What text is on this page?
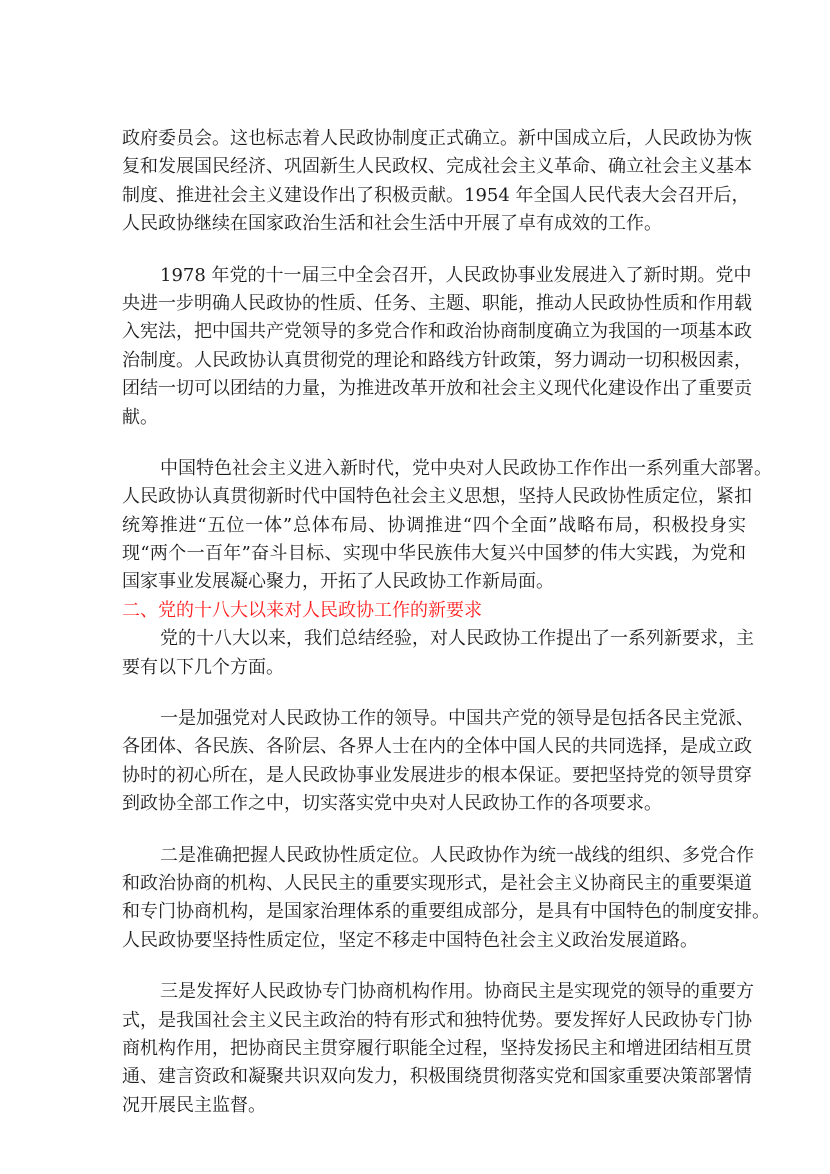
政府委员会。这也标志着人民政协制度正式确立。新中国成立后，人民政协为恢
复和发展国民经济、巩固新生人民政权、完成社会主义革命、确立社会主义基本
制度、推进社会主义建设作出了积极贡献。1954 年全国人民代表大会召开后，
人民政协继续在国家政治生活和社会生活中开展了卓有成效的工作。
1978 年党的十一届三中全会召开，人民政协事业发展进入了新时期。党中
央进一步明确人民政协的性质、任务、主题、职能，推动人民政协性质和作用载
入宪法，把中国共产党领导的多党合作和政治协商制度确立为我国的一项基本政
治制度。人民政协认真贯彻党的理论和路线方针政策，努力调动一切积极因素，
团结一切可以团结的力量，为推进改革开放和社会主义现代化建设作出了重要贡
献。
中国特色社会主义进入新时代，党中央对人民政协工作作出一系列重大部署。
人民政协认真贯彻新时代中国特色社会主义思想，坚持人民政协性质定位，紧扣
统筹推进“五位一体”总体布局、协调推进“四个全面”战略布局，积极投身实
现“两个一百年”奋斗目标、实现中华民族伟大复兴中国梦的伟大实践，为党和
国家事业发展凝心聚力，开拓了人民政协工作新局面。
二、党的十八大以来对人民政协工作的新要求
党的十八大以来，我们总结经验，对人民政协工作提出了一系列新要求，主
要有以下几个方面。
一是加强党对人民政协工作的领导。中国共产党的领导是包括各民主党派、
各团体、各民族、各阶层、各界人士在内的全体中国人民的共同选择，是成立政
协时的初心所在，是人民政协事业发展进步的根本保证。要把坚持党的领导贯穿
到政协全部工作之中，切实落实党中央对人民政协工作的各项要求。
二是准确把握人民政协性质定位。人民政协作为统一战线的组织、多党合作
和政治协商的机构、人民民主的重要实现形式，是社会主义协商民主的重要渠道
和专门协商机构，是国家治理体系的重要组成部分，是具有中国特色的制度安排。
人民政协要坚持性质定位，坚定不移走中国特色社会主义政治发展道路。
三是发挥好人民政协专门协商机构作用。协商民主是实现党的领导的重要方
式，是我国社会主义民主政治的特有形式和独特优势。要发挥好人民政协专门协
商机构作用，把协商民主贯穿履行职能全过程，坚持发扬民主和增进团结相互贯
通、建言资政和凝聚共识双向发力，积极围绕贯彻落实党和国家重要决策部署情
况开展民主监督。
